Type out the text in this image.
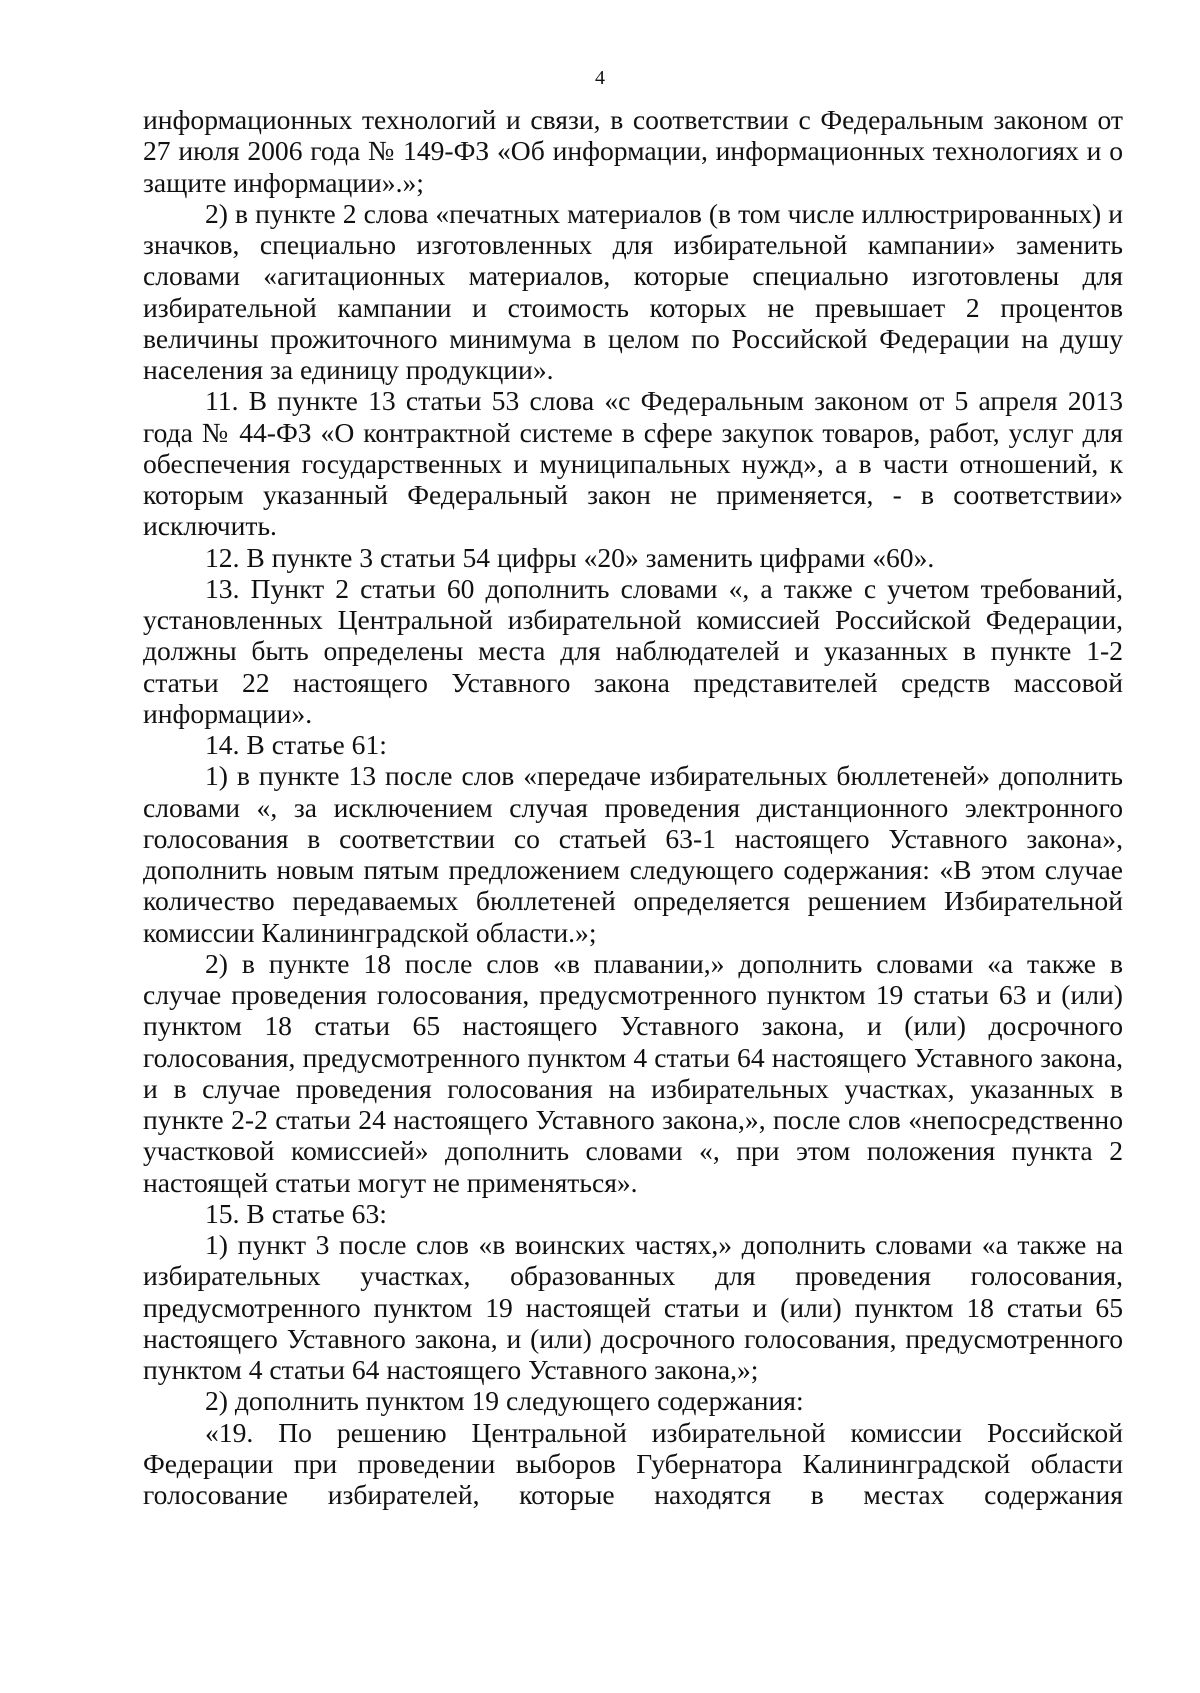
4

информационных технологий и связи, в соответствии с Федеральным законом от 27 июля 2006 года № 149-ФЗ «Об информации, информационных технологиях и о защите информации».»;

2) в пункте 2 слова «печатных материалов (в том числе иллюстрированных) и значков, специально изготовленных для избирательной кампании» заменить словами «агитационных материалов, которые специально изготовлены для избирательной кампании и стоимость которых не превышает 2 процентов величины прожиточного минимума в целом по Российской Федерации на душу населения за единицу продукции».

11. В пункте 13 статьи 53 слова «с Федеральным законом от 5 апреля 2013 года № 44-ФЗ «О контрактной системе в сфере закупок товаров, работ, услуг для обеспечения государственных и муниципальных нужд», а в части отношений, к которым указанный Федеральный закон не применяется, - в соответствии» исключить.

12. В пункте 3 статьи 54 цифры «20» заменить цифрами «60».

13. Пункт 2 статьи 60 дополнить словами «, а также с учетом требований, установленных Центральной избирательной комиссией Российской Федерации, должны быть определены места для наблюдателей и указанных в пункте 1-2 статьи 22 настоящего Уставного закона представителей средств массовой информации».

14. В статье 61:

1) в пункте 13 после слов «передаче избирательных бюллетеней» дополнить словами «, за исключением случая проведения дистанционного электронного голосования в соответствии со статьей 63-1 настоящего Уставного закона», дополнить новым пятым предложением следующего содержания: «В этом случае количество передаваемых бюллетеней определяется решением Избирательной комиссии Калининградской области.»;

2) в пункте 18 после слов «в плавании,» дополнить словами «а также в случае проведения голосования, предусмотренного пунктом 19 статьи 63 и (или) пунктом 18 статьи 65 настоящего Уставного закона, и (или) досрочного голосования, предусмотренного пунктом 4 статьи 64 настоящего Уставного закона, и в случае проведения голосования на избирательных участках, указанных в пункте 2-2 статьи 24 настоящего Уставного закона,», после слов «непосредственно участковой комиссией» дополнить словами «, при этом положения пункта 2 настоящей статьи могут не применяться».

15. В статье 63:

1) пункт 3 после слов «в воинских частях,» дополнить словами «а также на избирательных участках, образованных для проведения голосования, предусмотренного пунктом 19 настоящей статьи и (или) пунктом 18 статьи 65 настоящего Уставного закона, и (или) досрочного голосования, предусмотренного пунктом 4 статьи 64 настоящего Уставного закона,»;

2) дополнить пунктом 19 следующего содержания:

«19. По решению Центральной избирательной комиссии Российской Федерации при проведении выборов Губернатора Калининградской области голосование избирателей, которые находятся в местах содержания
